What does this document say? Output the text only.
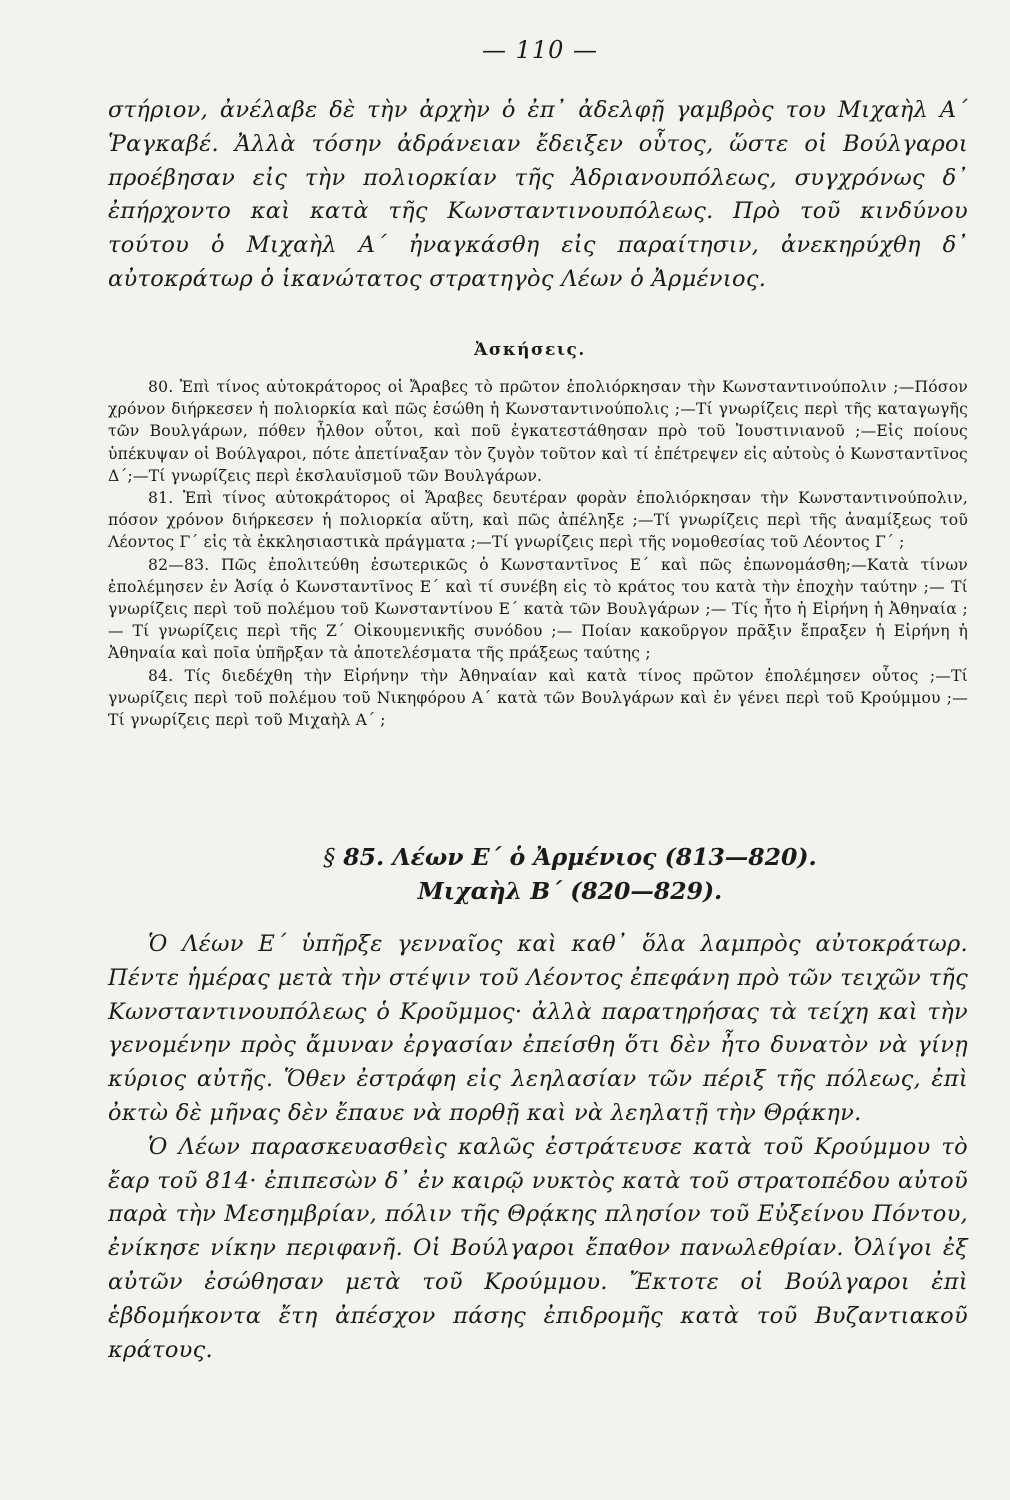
— 110 —

στήριον, ἀνέλαβε δὲ τὴν ἀρχὴν ὁ ἐπ᾿ ἀδελφῇ γαμβρὸς του Μιχαὴλ Α΄ Ῥαγκαβέ. Ἀλλὰ τόσην ἀδράνειαν ἔδειξεν οὗτος, ὥστε οἱ Βούλγαροι προέβησαν εἰς τὴν πολιορκίαν τῆς Ἀδριανουπόλεως, συγχρόνως δ᾿ ἐπήρχοντο καὶ κατὰ τῆς Κωνσταντινουπόλεως. Πρὸ τοῦ κινδύνου τούτου ὁ Μιχαὴλ Α΄ ἠναγκάσθη εἰς παραίτησιν, ἀνεκηρύχθη δ᾿ αὐτοκράτωρ ὁ ἱκανώτατος στρατηγὸς Λέων ὁ Ἀρμένιος.

Ἀσκήσεις.

80. Ἐπὶ τίνος αὐτοκράτορος οἱ Ἄραβες τὸ πρῶτον ἐπολιόρκησαν τὴν Κωνσταντινούπολιν ;—Πόσον χρόνον διήρκεσεν ἡ πολιορκία καὶ πῶς ἐσώθη ἡ Κωνσταντινούπολις ;—Τί γνωρίζεις περὶ τῆς καταγωγῆς τῶν Βουλγάρων, πόθεν ἦλθον οὗτοι, καὶ ποῦ ἐγκατεστάθησαν πρὸ τοῦ Ἰουστινιανοῦ ;—Εἰς ποίους ὑπέκυψαν οἱ Βούλγαροι, πότε ἀπετίναξαν τὸν ζυγὸν τοῦτον καὶ τί ἐπέτρεψεν εἰς αὐτοὺς ὁ Κωνσταντῖνος Δ΄;—Τί γνωρίζεις περὶ ἐκσλαυϊσμοῦ τῶν Βουλγάρων.

81. Ἐπὶ τίνος αὐτοκράτορος οἱ Ἄραβες δευτέραν φορὰν ἐπολιόρκησαν τὴν Κωνσταντινούπολιν, πόσον χρόνον διήρκεσεν ἡ πολιορκία αὕτη, καὶ πῶς ἀπέληξε ;—Τί γνωρίζεις περὶ τῆς ἀναμίξεως τοῦ Λέοντος Γ΄ εἰς τὰ ἐκκλησιαστικὰ πράγματα ;—Τί γνωρίζεις περὶ τῆς νομοθεσίας τοῦ Λέοντος Γ΄ ;

82—83. Πῶς ἐπολιτεύθη ἐσωτερικῶς ὁ Κωνσταντῖνος Ε΄ καὶ πῶς ἐπωνομάσθη;—Κατὰ τίνων ἐπολέμησεν ἐν Ἀσίᾳ ὁ Κωνσταντῖνος Ε΄ καὶ τί συνέβη εἰς τὸ κράτος του κατὰ τὴν ἐποχὴν ταύτην ;— Τί γνωρίζεις περὶ τοῦ πολέμου τοῦ Κωνσταντίνου Ε΄ κατὰ τῶν Βουλγάρων ;— Τίς ἦτο ἡ Εἰρήνη ἡ Ἀθηναία ;— Τί γνωρίζεις περὶ τῆς Ζ΄ Οἰκουμενικῆς συνόδου ;— Ποίαν κακοῦργον πρᾶξιν ἔπραξεν ἡ Εἰρήνη ἡ Ἀθηναία καὶ ποῖα ὑπῆρξαν τὰ ἀποτελέσματα τῆς πράξεως ταύτης ;

84. Τίς διεδέχθη τὴν Εἰρήνην τὴν Ἀθηναίαν καὶ κατὰ τίνος πρῶτον ἐπολέμησεν οὗτος ;—Τί γνωρίζεις περὶ τοῦ πολέμου τοῦ Νικηφόρου Α΄ κατὰ τῶν Βουλγάρων καὶ ἐν γένει περὶ τοῦ Κρούμμου ;—Τί γνωρίζεις περὶ τοῦ Μιχαὴλ Α΄ ;

§ 85. Λέων Ε΄ ὁ Ἀρμένιος (813—820).
Μιχαὴλ Β΄ (820—829).

Ὁ Λέων Ε΄ ὑπῆρξε γενναῖος καὶ καθ᾿ ὅλα λαμπρὸς αὐτοκράτωρ. Πέντε ἡμέρας μετὰ τὴν στέψιν τοῦ Λέοντος ἐπεφάνη πρὸ τῶν τειχῶν τῆς Κωνσταντινουπόλεως ὁ Κροῦμμος· ἀλλὰ παρατηρήσας τὰ τείχη καὶ τὴν γενομένην πρὸς ἄμυναν ἐργασίαν ἐπείσθη ὅτι δὲν ἦτο δυνατὸν νὰ γίνῃ κύριος αὐτῆς. Ὅθεν ἐστράφη εἰς λεηλασίαν τῶν πέριξ τῆς πόλεως, ἐπὶ ὀκτὼ δὲ μῆνας δὲν ἔπαυε νὰ πορθῇ καὶ νὰ λεηλατῇ τὴν Θρᾴκην.

Ὁ Λέων παρασκευασθεὶς καλῶς ἐστράτευσε κατὰ τοῦ Κρούμμου τὸ ἔαρ τοῦ 814· ἐπιπεσὼν δ᾿ ἐν καιρῷ νυκτὸς κατὰ τοῦ στρατοπέδου αὐτοῦ παρὰ τὴν Μεσημβρίαν, πόλιν τῆς Θρᾴκης πλησίον τοῦ Εὐξείνου Πόντου, ἐνίκησε νίκην περιφανῆ. Οἱ Βούλγαροι ἔπαθον πανωλεθρίαν. Ὀλίγοι ἐξ αὐτῶν ἐσώθησαν μετὰ τοῦ Κρούμμου. Ἔκτοτε οἱ Βούλγαροι ἐπὶ ἑβδομήκοντα ἔτη ἀπέσχον πάσης ἐπιδρομῆς κατὰ τοῦ Βυζαντιακοῦ κράτους.
